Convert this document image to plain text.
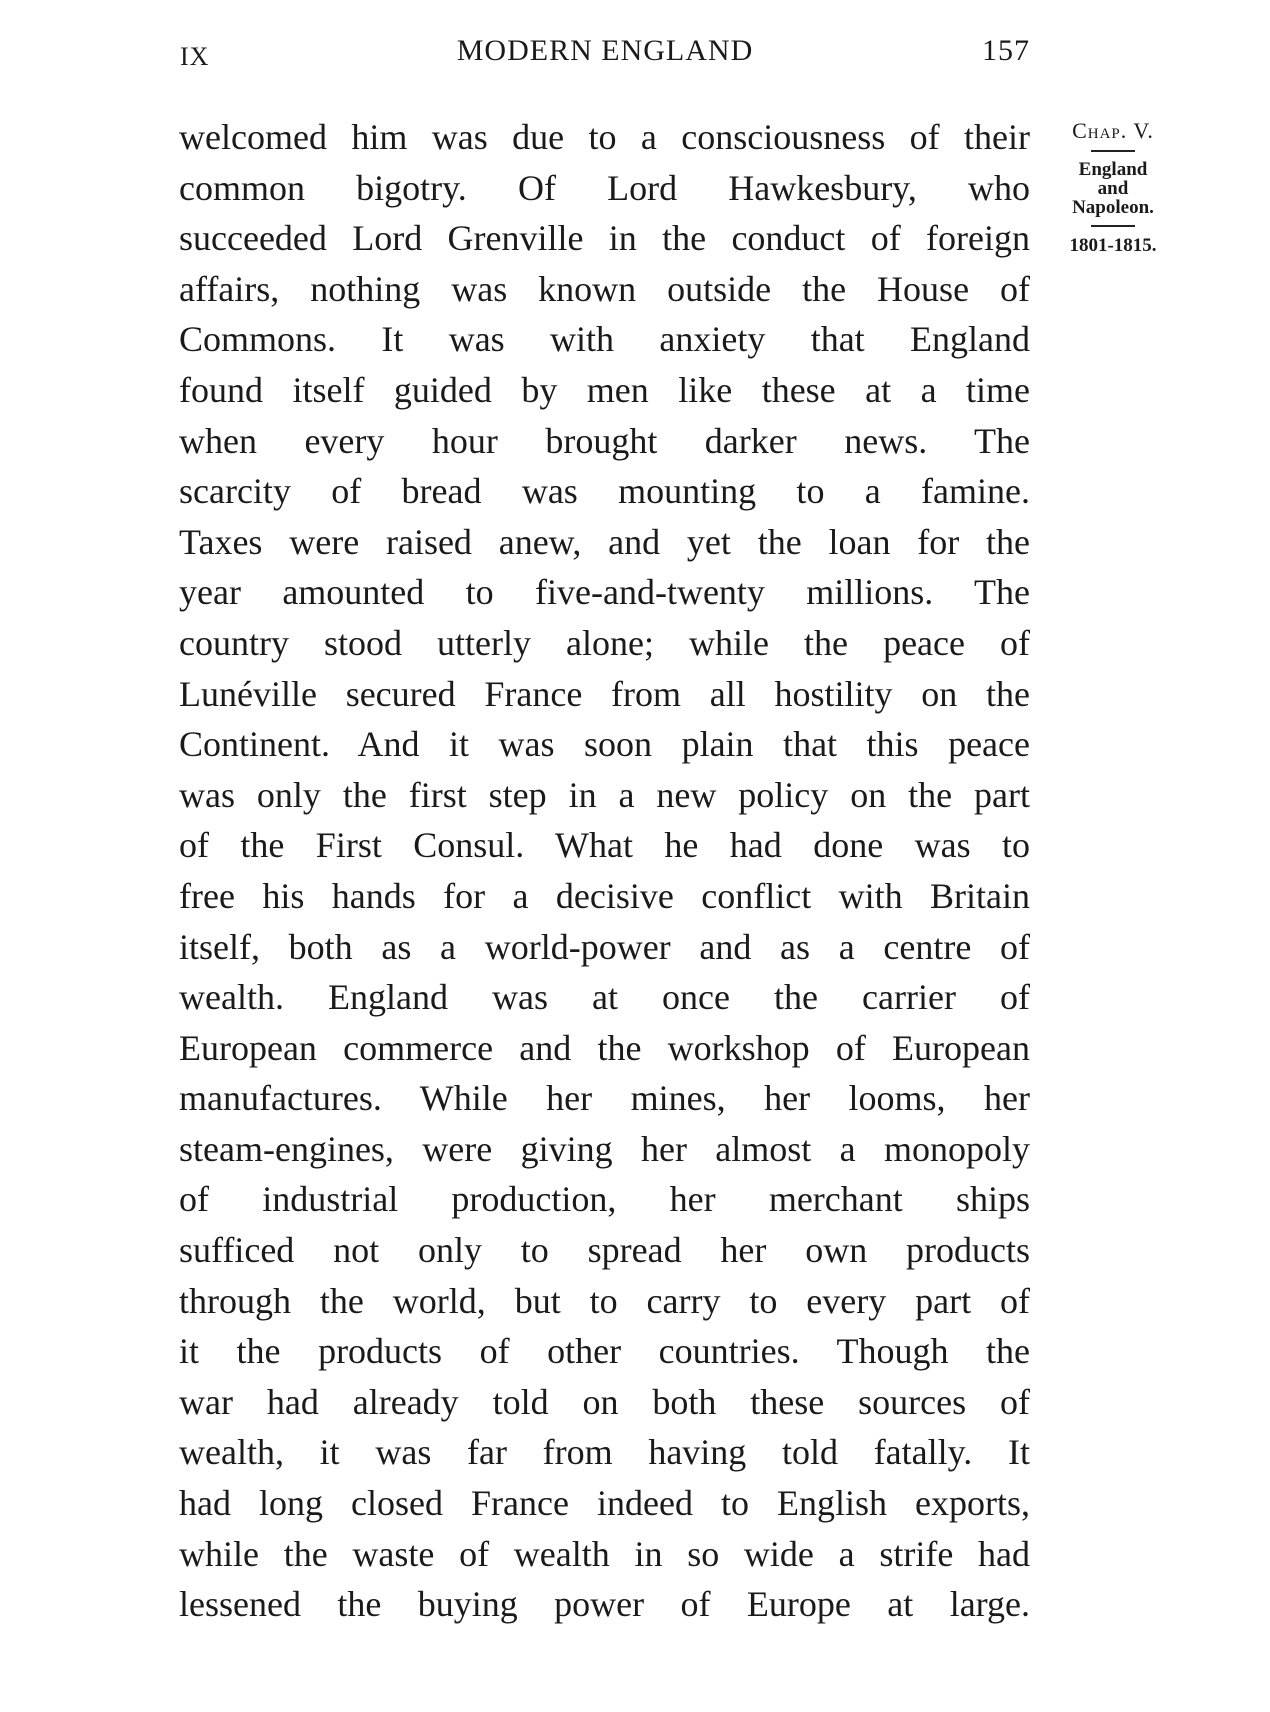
IX	MODERN ENGLAND	157
Chap. V.
England
and
Napoleon.
1801-1815.
welcomed him was due to a consciousness of their
common bigotry. Of Lord Hawkesbury, who
succeeded Lord Grenville in the conduct of foreign
affairs, nothing was known outside the House of
Commons. It was with anxiety that England
found itself guided by men like these at a time
when every hour brought darker news. The
scarcity of bread was mounting to a famine.
Taxes were raised anew, and yet the loan for the
year amounted to five-and-twenty millions. The
country stood utterly alone; while the peace of
Lunéville secured France from all hostility on the
Continent. And it was soon plain that this peace
was only the first step in a new policy on the part
of the First Consul. What he had done was to
free his hands for a decisive conflict with Britain
itself, both as a world-power and as a centre of
wealth. England was at once the carrier of
European commerce and the workshop of European
manufactures. While her mines, her looms, her
steam-engines, were giving her almost a monopoly
of industrial production, her merchant ships
sufficed not only to spread her own products
through the world, but to carry to every part of
it the products of other countries. Though the
war had already told on both these sources of
wealth, it was far from having told fatally. It
had long closed France indeed to English exports,
while the waste of wealth in so wide a strife had
lessened the buying power of Europe at large.
